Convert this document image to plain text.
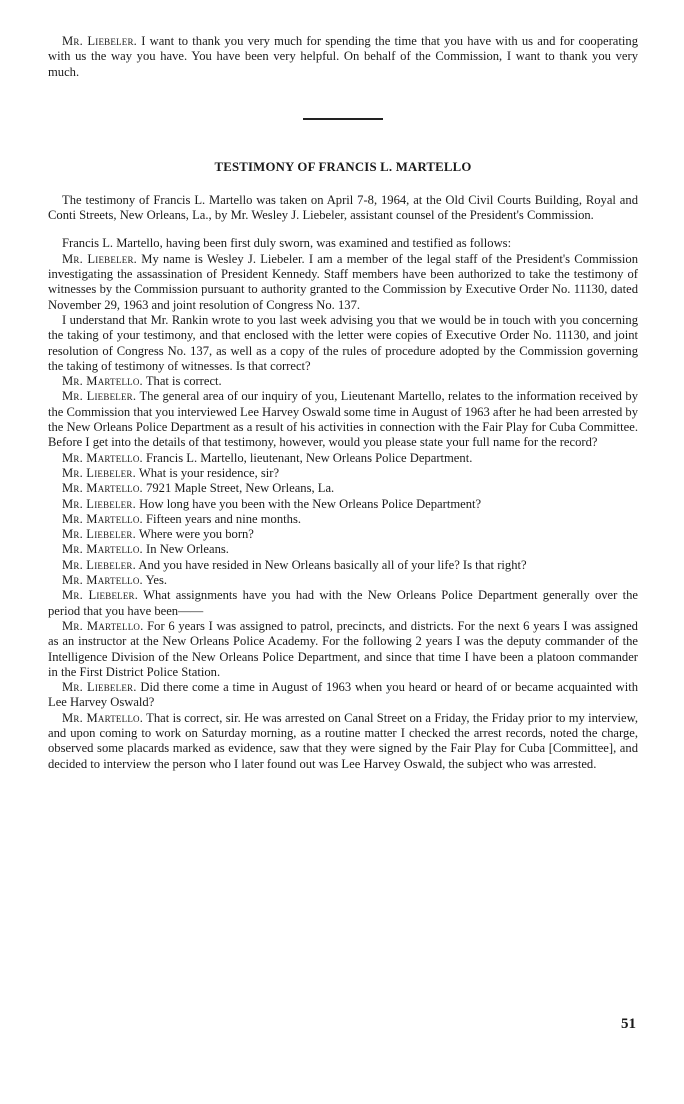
Mr. Liebeler. I want to thank you very much for spending the time that you have with us and for cooperating with us the way you have. You have been very helpful. On behalf of the Commission, I want to thank you very much.

TESTIMONY OF FRANCIS L. MARTELLO

The testimony of Francis L. Martello was taken on April 7-8, 1964, at the Old Civil Courts Building, Royal and Conti Streets, New Orleans, La., by Mr. Wesley J. Liebeler, assistant counsel of the President's Commission.

Francis L. Martello, having been first duly sworn, was examined and testified as follows:

Mr. Liebeler. My name is Wesley J. Liebeler. I am a member of the legal staff of the President's Commission investigating the assassination of President Kennedy. Staff members have been authorized to take the testimony of witnesses by the Commission pursuant to authority granted to the Commission by Executive Order No. 11130, dated November 29, 1963 and joint resolution of Congress No. 137.

I understand that Mr. Rankin wrote to you last week advising you that we would be in touch with you concerning the taking of your testimony, and that enclosed with the letter were copies of Executive Order No. 11130, and joint resolution of Congress No. 137, as well as a copy of the rules of procedure adopted by the Commission governing the taking of testimony of witnesses. Is that correct?

Mr. Martello. That is correct.

Mr. Liebeler. The general area of our inquiry of you, Lieutenant Martello, relates to the information received by the Commission that you interviewed Lee Harvey Oswald some time in August of 1963 after he had been arrested by the New Orleans Police Department as a result of his activities in connection with the Fair Play for Cuba Committee. Before I get into the details of that testimony, however, would you please state your full name for the record?

Mr. Martello. Francis L. Martello, lieutenant, New Orleans Police Department.

Mr. Liebeler. What is your residence, sir?

Mr. Martello. 7921 Maple Street, New Orleans, La.

Mr. Liebeler. How long have you been with the New Orleans Police Department?

Mr. Martello. Fifteen years and nine months.

Mr. Liebeler. Where were you born?

Mr. Martello. In New Orleans.

Mr. Liebeler. And you have resided in New Orleans basically all of your life? Is that right?

Mr. Martello. Yes.

Mr. Liebeler. What assignments have you had with the New Orleans Police Department generally over the period that you have been——

Mr. Martello. For 6 years I was assigned to patrol, precincts, and districts. For the next 6 years I was assigned as an instructor at the New Orleans Police Academy. For the following 2 years I was the deputy commander of the Intelligence Division of the New Orleans Police Department, and since that time I have been a platoon commander in the First District Police Station.

Mr. Liebeler. Did there come a time in August of 1963 when you heard or heard of or became acquainted with Lee Harvey Oswald?

Mr. Martello. That is correct, sir. He was arrested on Canal Street on a Friday, the Friday prior to my interview, and upon coming to work on Saturday morning, as a routine matter I checked the arrest records, noted the charge, observed some placards marked as evidence, saw that they were signed by the Fair Play for Cuba [Committee], and decided to interview the person who I later found out was Lee Harvey Oswald, the subject who was arrested.

51
